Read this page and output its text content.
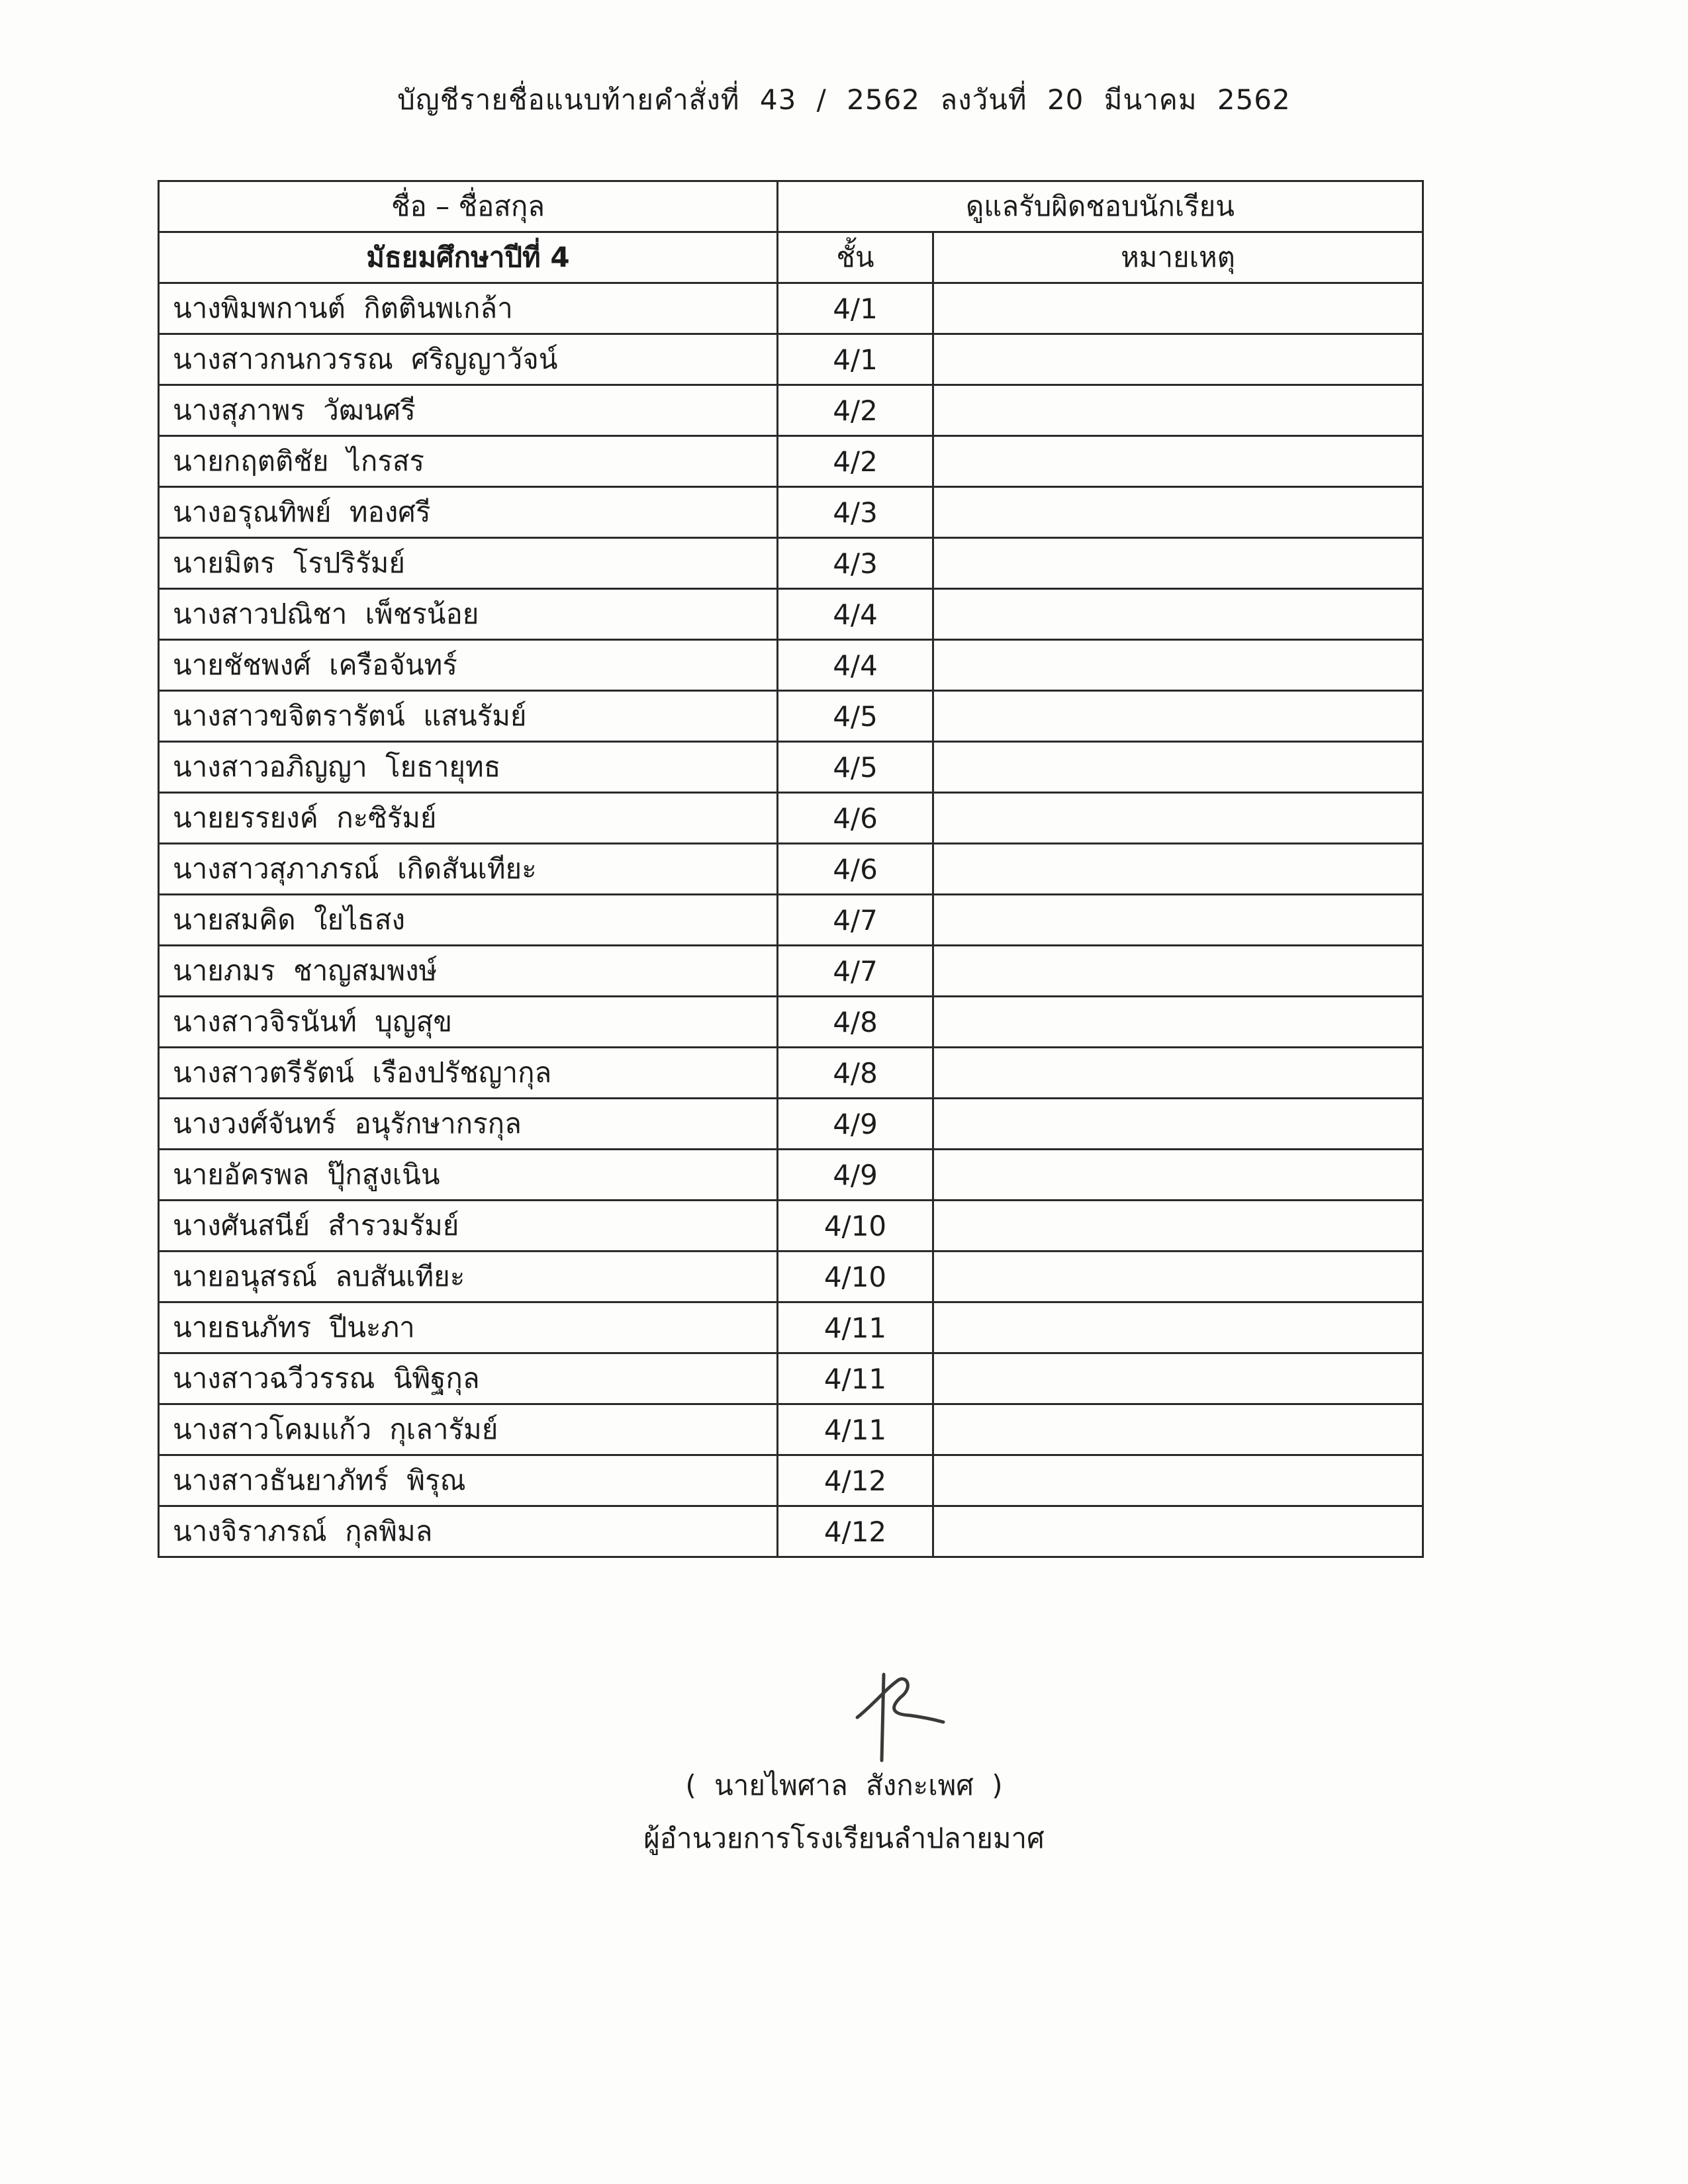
บัญชีรายชื่อแนบท้ายคำสั่งที่ 43 / 2562 ลงวันที่ 20 มีนาคม 2562
ชื่อ – ชื่อสกุล	ดูแลรับผิดชอบนักเรียน	
มัธยมศึกษาปีที่ 4	ชั้น	หมายเหตุ
นางพิมพกานต์ กิตตินพเกล้า	4/1	
นางสาวกนกวรรณ ศริญญาวัจน์	4/1	
นางสุภาพร วัฒนศรี	4/2	
นายกฤตติชัย ไกรสร	4/2	
นางอรุณทิพย์ ทองศรี	4/3	
นายมิตร โรปริรัมย์	4/3	
นางสาวปณิชา เพ็ชรน้อย	4/4	
นายชัชพงศ์ เครือจันทร์	4/4	
นางสาวขจิตรารัตน์ แสนรัมย์	4/5	
นางสาวอภิญญา โยธายุทธ	4/5	
นายยรรยงค์ กะซิรัมย์	4/6	
นางสาวสุภาภรณ์ เกิดสันเทียะ	4/6	
นายสมคิด ใยไธสง	4/7	
นายภมร ชาญสมพงษ์	4/7	
นางสาวจิรนันท์ บุญสุข	4/8	
นางสาวตรีรัตน์ เรืองปรัชญากุล	4/8	
นางวงศ์จันทร์ อนุรักษากรกุล	4/9	
นายอัครพล ปุ๊กสูงเนิน	4/9	
นางศันสนีย์ สำรวมรัมย์	4/10	
นายอนุสรณ์ ลบสันเทียะ	4/10	
นายธนภัทร ปีนะภา	4/11	
นางสาวฉวีวรรณ นิพิฐกุล	4/11	
นางสาวโคมแก้ว กุเลารัมย์	4/11	
นางสาวธันยาภัทร์ พิรุณ	4/12	
นางจิราภรณ์ กุลพิมล	4/12	
( นายไพศาล สังกะเพศ )
ผู้อำนวยการโรงเรียนลำปลายมาศ
